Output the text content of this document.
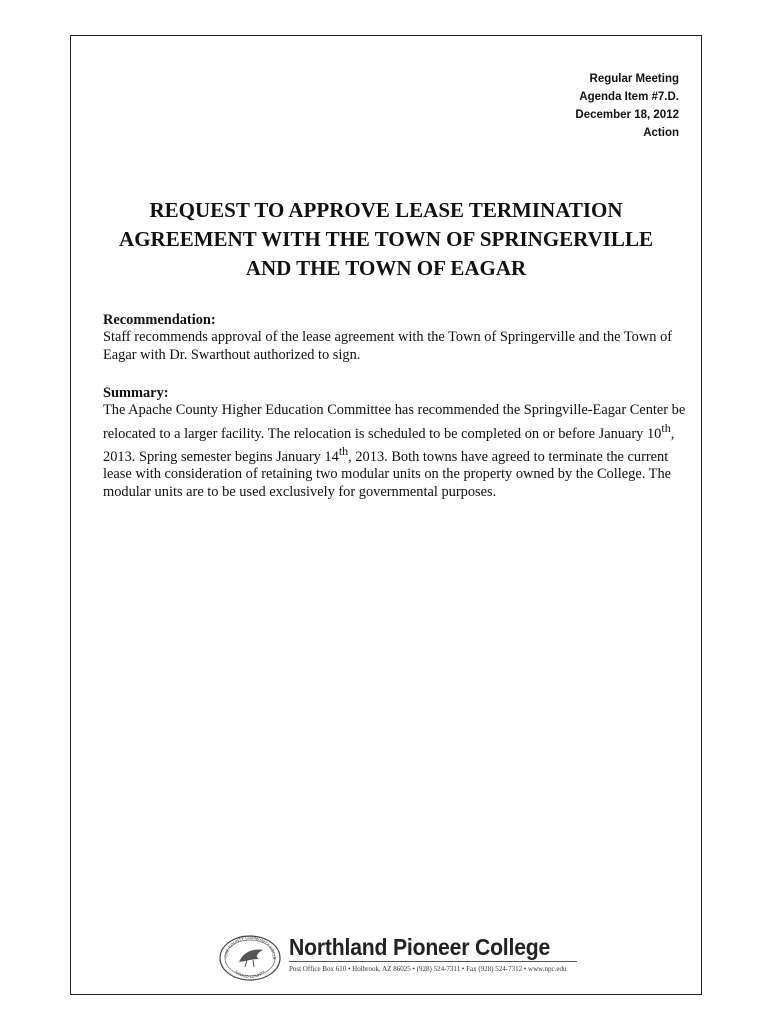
Regular Meeting
Agenda Item #7.D.
December 18, 2012
Action
REQUEST TO APPROVE LEASE TERMINATION
AGREEMENT WITH THE TOWN OF SPRINGERVILLE
AND THE TOWN OF EAGAR
Recommendation:

Staff recommends approval of the lease agreement with the Town of Springerville and the Town of Eagar with Dr. Swarthout authorized to sign.

Summary:

The Apache County Higher Education Committee has recommended the Springville-Eagar Center be relocated to a larger facility. The relocation is scheduled to be completed on or before January 10th, 2013. Spring semester begins January 14th, 2013. Both towns have agreed to terminate the current lease with consideration of retaining two modular units on the property owned by the College. The modular units are to be used exclusively for governmental purposes.

CHE COUNTY COMMUNITY COLLE
NAVAJO COUNTY
Northland Pioneer College
Post Office Box 610 • Holbrook, AZ 86025 • (928) 524-7311 • Fax (928) 524-7312 • www.npc.edu
